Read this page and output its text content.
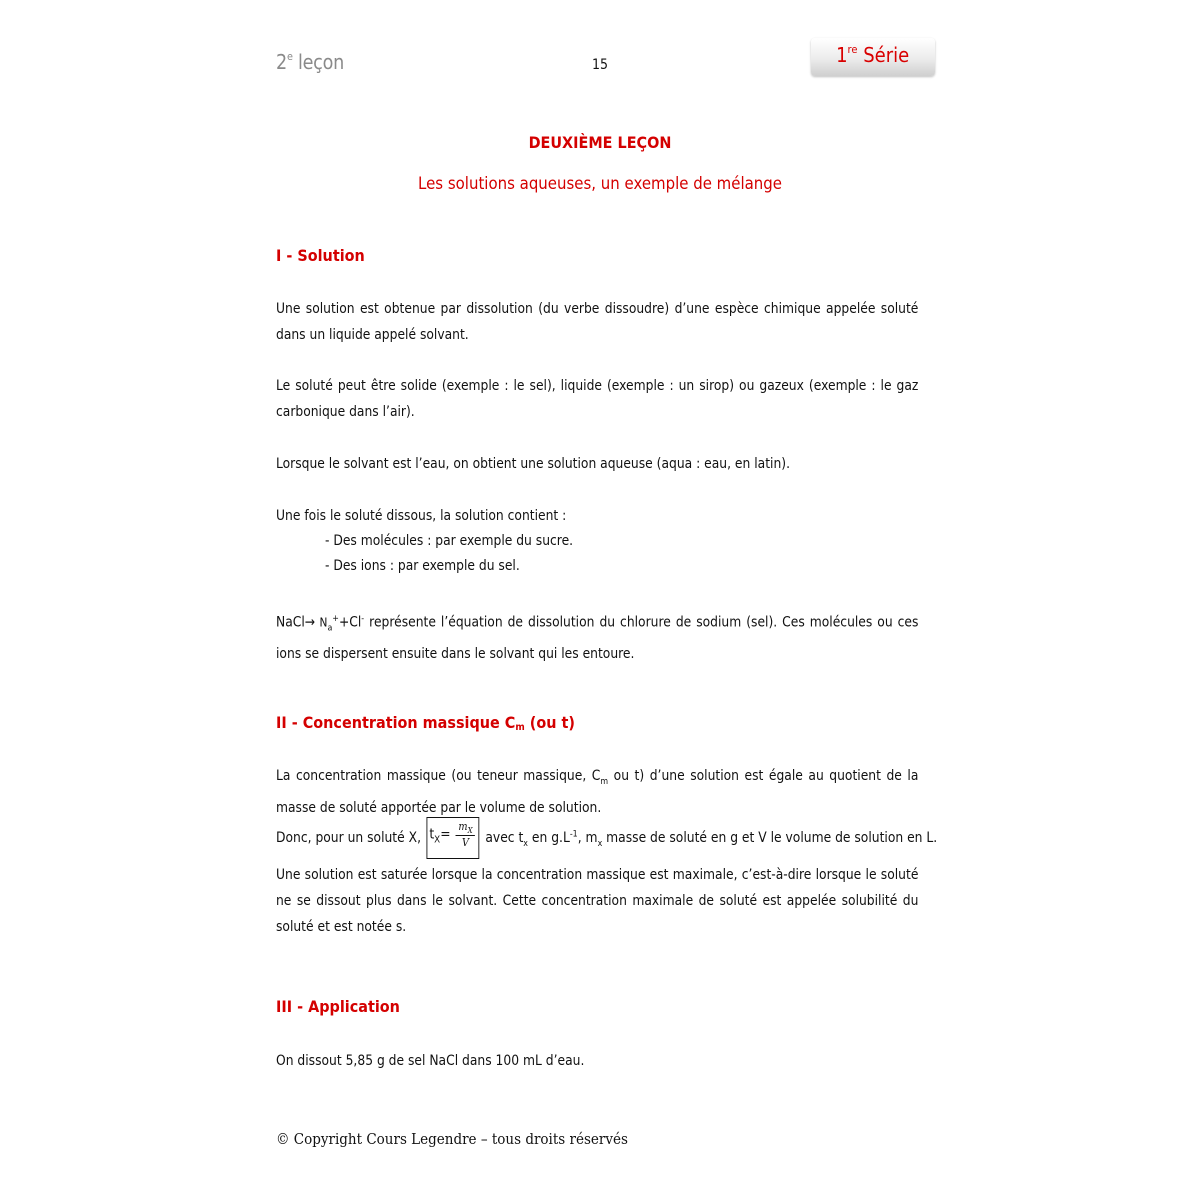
2e leçon	15	1re Série
DEUXIÈME LEÇON
Les solutions aqueuses, un exemple de mélange
I - Solution
Une solution est obtenue par dissolution (du verbe dissoudre) d’une espèce chimique appelée soluté dans un liquide appelé solvant.
Le soluté peut être solide (exemple : le sel), liquide (exemple : un sirop) ou gazeux (exemple : le gaz carbonique dans l’air).
Lorsque le solvant est l’eau, on obtient une solution aqueuse (aqua : eau, en latin).
Une fois le soluté dissous, la solution contient :
- Des molécules : par exemple du sucre.
- Des ions : par exemple du sel.
NaCl→ $N_a^++Cl^-$ représente l’équation de dissolution du chlorure de sodium (sel). Ces molécules ou ces ions se dispersent ensuite dans le solvant qui les entoure.
II - Concentration massique $C_m$ (ou t)
La concentration massique (ou teneur massique, $C_m$ ou t) d’une solution est égale au quotient de la masse de soluté apportée par le volume de solution.
Donc, pour un soluté X, $t_X= \frac{m_X}{V}$ avec $t_x$ en $g.L^{-1}$, $m_x$ masse de soluté en g et V le volume de solution en L.
Une solution est saturée lorsque la concentration massique est maximale, c’est-à-dire lorsque le soluté ne se dissout plus dans le solvant. Cette concentration maximale de soluté est appelée solubilité du soluté et est notée s.
III - Application
On dissout 5,85 g de sel NaCl dans 100 mL d’eau.
© Copyright Cours Legendre – tous droits réservés
